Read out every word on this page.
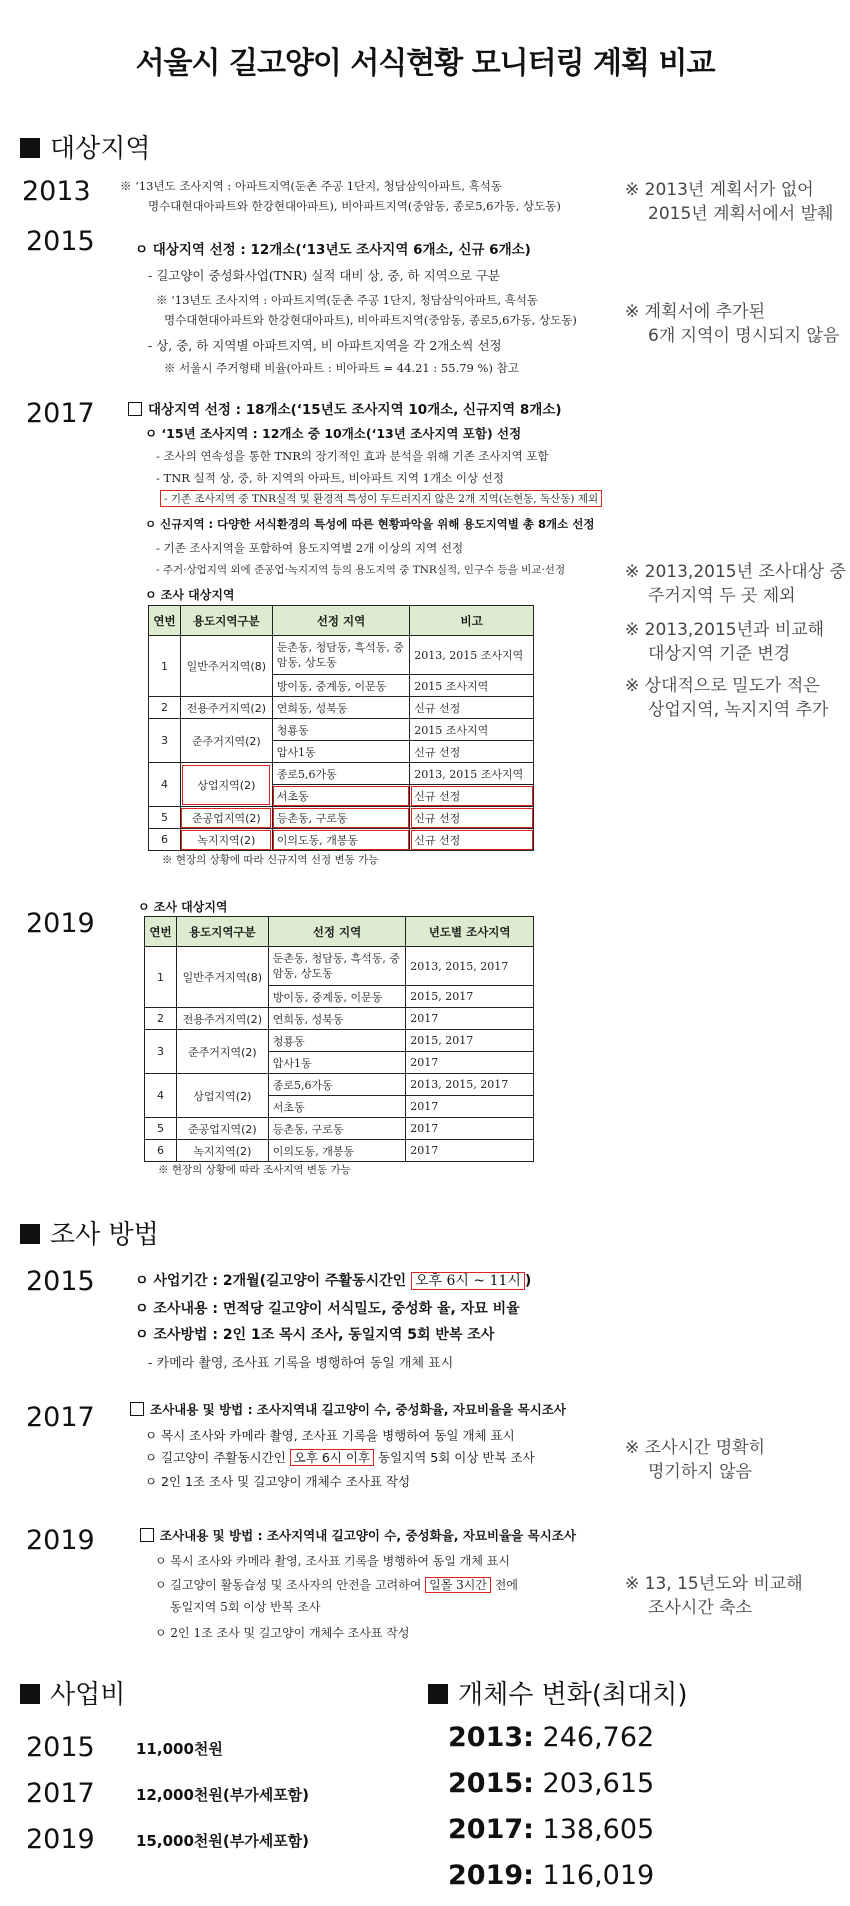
서울시 길고양이 서식현황 모니터링 계획 비교
대상지역
2013	※ ‘13년도 조사지역 : 아파트지역(둔촌 주공 1단지, 청담삼익아파트, 흑석동
명수대현대아파트와 한강현대아파트), 비아파트지역(중암동, 종로5,6가동, 상도동)
※ 2013년 계획서가 없어
2015년 계획서에서 발췌
2015	ㅇ 대상지역 선정 : 12개소(‘13년도 조사지역 6개소, 신규 6개소)
- 길고양이 중성화사업(TNR) 실적 대비 상, 중, 하 지역으로 구분
※ ‘13년도 조사지역 : 아파트지역(둔촌 주공 1단지, 청담삼익아파트, 흑석동
명수대현대아파트와 한강현대아파트), 비아파트지역(중암동, 종로5,6가동, 상도동)
- 상, 중, 하 지역별 아파트지역, 비 아파트지역을 각 2개소씩 선정
※ 서울시 주거형태 비율(아파트 : 비아파트 = 44.21 : 55.79 %) 참고
※ 계획서에 추가된
6개 지역이 명시되지 않음
2017	대상지역 선정 : 18개소(‘15년도 조사지역 10개소, 신규지역 8개소)
ㅇ ‘15년 조사지역 : 12개소 중 10개소(‘13년 조사지역 포함) 선정
- 조사의 연속성을 통한 TNR의 장기적인 효과 분석을 위해 기존 조사지역 포함
- TNR 실적 상, 중, 하 지역의 아파트, 비아파트 지역 1개소 이상 선정
- 기존 조사지역 중 TNR실적 및 환경적 특성이 두드러지지 않은 2개 지역(논현동, 독산동) 제외
ㅇ 신규지역 : 다양한 서식환경의 특성에 따른 현황파악을 위해 용도지역별 총 8개소 선정
- 기존 조사지역을 포함하여 용도지역별 2개 이상의 지역 선정
- 주거·상업지역 외에 준공업·녹지지역 등의 용도지역 중 TNR실적, 인구수 등을 비교·선정
ㅇ 조사 대상지역
연번	용도지역구분	선정 지역	비고
1	일반주거지역(8)	둔촌동, 청담동, 흑석동, 중암동, 상도동	2013, 2015 조사지역
		방이동, 중계동, 이문동	2015 조사지역
2	전용주거지역(2)	연희동, 성북동	신규 선정
3	준주거지역(2)	청룡동	2015 조사지역
		압사1동	신규 선정
4	상업지역(2)	종로5,6가동	2013, 2015 조사지역
		서초동	신규 선정
5	준공업지역(2)	등촌동, 구로동	신규 선정
6	녹지지역(2)	이의도동, 개봉동	신규 선정
※ 현장의 상황에 따라 신규지역 선정 변동 가능
※ 2013,2015년 조사대상 중
주거지역 두 곳 제외
※ 2013,2015년과 비교해
대상지역 기준 변경
※ 상대적으로 밀도가 적은
상업지역, 녹지지역 추가
2019
ㅇ 조사 대상지역
연번	용도지역구분	선정 지역	년도별 조사지역
1	일반주거지역(8)	둔촌동, 청담동, 흑석동, 중암동, 상도동	2013, 2015, 2017
		방이동, 중계동, 이문동	2015, 2017
2	전용주거지역(2)	연희동, 성북동	2017
3	준주거지역(2)	청룡동	2015, 2017
		압사1동	2017
4	상업지역(2)	종로5,6가동	2013, 2015, 2017
		서초동	2017
5	준공업지역(2)	등촌동, 구로동	2017
6	녹지지역(2)	이의도동, 개봉동	2017
※ 현장의 상황에 따라 조사지역 변동 가능
조사 방법
2015	ㅇ 사업기간 : 2개월(길고양이 주활동시간인 오후 6시 ~ 11시 )
ㅇ 조사내용 : 면적당 길고양이 서식밀도, 중성화 율, 자묘 비율
ㅇ 조사방법 : 2인 1조 목시 조사, 동일지역 5회 반복 조사
- 카메라 촬영, 조사표 기록을 병행하여 동일 개체 표시
2017	조사내용 및 방법 : 조사지역내 길고양이 수, 중성화율, 자묘비율을 목시조사
ㅇ 목시 조사와 카메라 촬영, 조사표 기록을 병행하여 동일 개체 표시
ㅇ 길고양이 주활동시간인 오후 6시 이후 동일지역 5회 이상 반복 조사
ㅇ 2인 1조 조사 및 길고양이 개체수 조사표 작성
※ 조사시간 명확히
명기하지 않음
2019	조사내용 및 방법 : 조사지역내 길고양이 수, 중성화율, 자묘비율을 목시조사
ㅇ 목시 조사와 카메라 촬영, 조사표 기록을 병행하여 동일 개체 표시
ㅇ 길고양이 활동습성 및 조사자의 안전을 고려하여 일몰 3시간 전에
동일지역 5회 이상 반복 조사
ㅇ 2인 1조 조사 및 길고양이 개체수 조사표 작성
※ 13, 15년도와 비교해
조사시간 축소
사업비
2015	11,000천원
2017	12,000천원(부가세포함)
2019	15,000천원(부가세포함)
개체수 변화(최대치)
2013: 246,762
2015: 203,615
2017: 138,605
2019: 116,019
